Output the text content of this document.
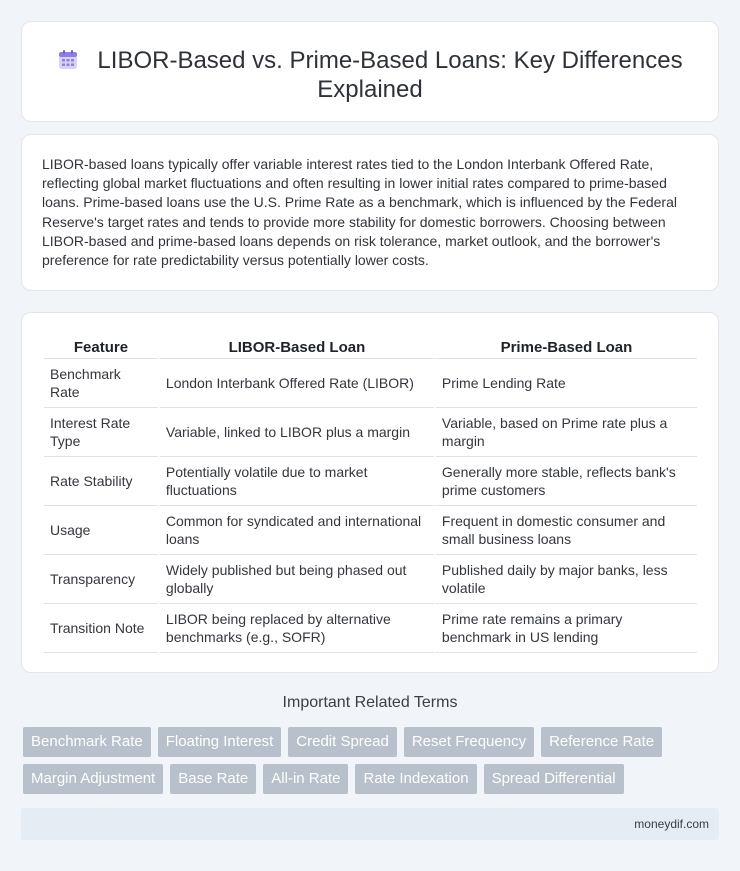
LIBOR-Based vs. Prime-Based Loans: Key Differences
Explained

LIBOR-based loans typically offer variable interest rates tied to the London Interbank Offered Rate, reflecting global market fluctuations and often resulting in lower initial rates compared to prime-based loans. Prime-based loans use the U.S. Prime Rate as a benchmark, which is influenced by the Federal Reserve's target rates and tends to provide more stability for domestic borrowers. Choosing between LIBOR-based and prime-based loans depends on risk tolerance, market outlook, and the borrower's preference for rate predictability versus potentially lower costs.

Feature	LIBOR-Based Loan	Prime-Based Loan
Benchmark Rate	London Interbank Offered Rate (LIBOR)	Prime Lending Rate
Interest Rate Type	Variable, linked to LIBOR plus a margin	Variable, based on Prime rate plus a margin
Rate Stability	Potentially volatile due to market fluctuations	Generally more stable, reflects bank's prime customers
Usage	Common for syndicated and international loans	Frequent in domestic consumer and small business loans
Transparency	Widely published but being phased out globally	Published daily by major banks, less volatile
Transition Note	LIBOR being replaced by alternative benchmarks (e.g., SOFR)	Prime rate remains a primary benchmark in US lending
Important Related Terms
Benchmark Rate	Floating Interest	Credit Spread	Reset Frequency	Reference Rate
Margin Adjustment	Base Rate	All-in Rate	Rate Indexation	Spread Differential
moneydif.com
